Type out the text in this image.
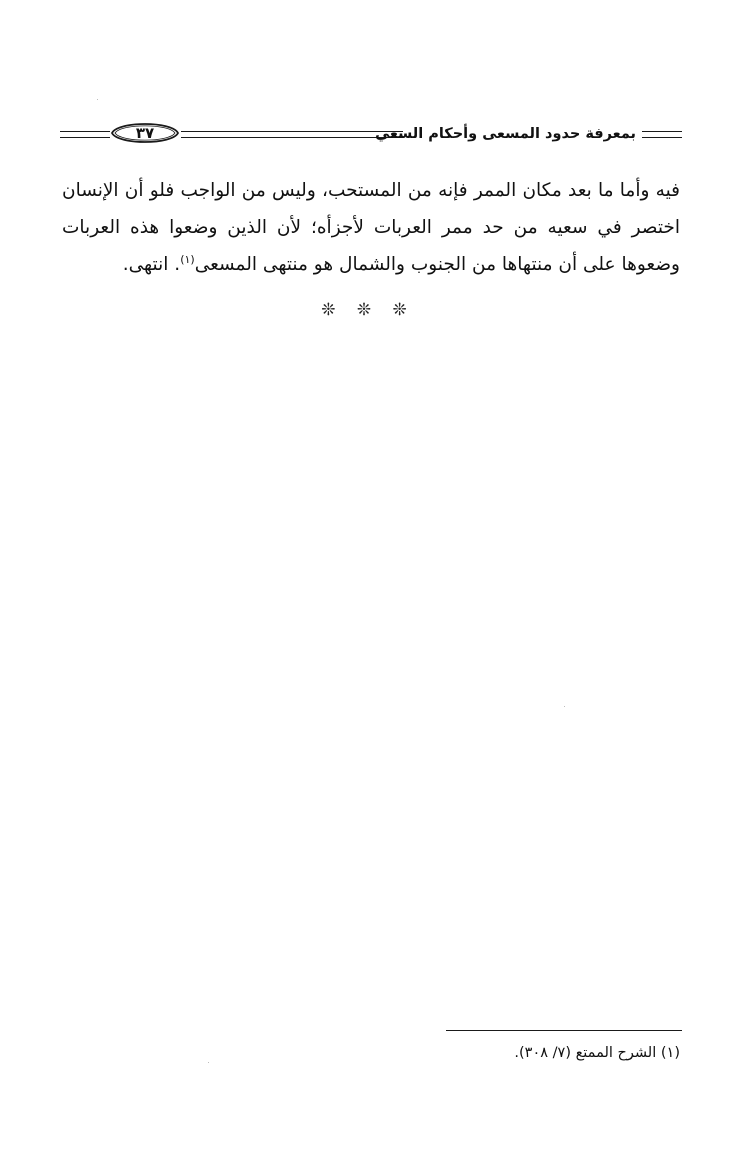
٣٧	بمعرفة حدود المسعى وأحكام السعي

فيه وأما ما بعد مكان الممر فإنه من المستحب، وليس من الواجب فلو أن الإنسان اختصر في سعيه من حد ممر العربات لأجزأه؛ لأن الذين وضعوا هذه العربات وضعوها على أن منتهاها من الجنوب والشمال هو منتهى المسعى$^{(١)}$. انتهى.

❊ ❊ ❊
(١) الشرح الممتع (٧/ ٣٠٨).
